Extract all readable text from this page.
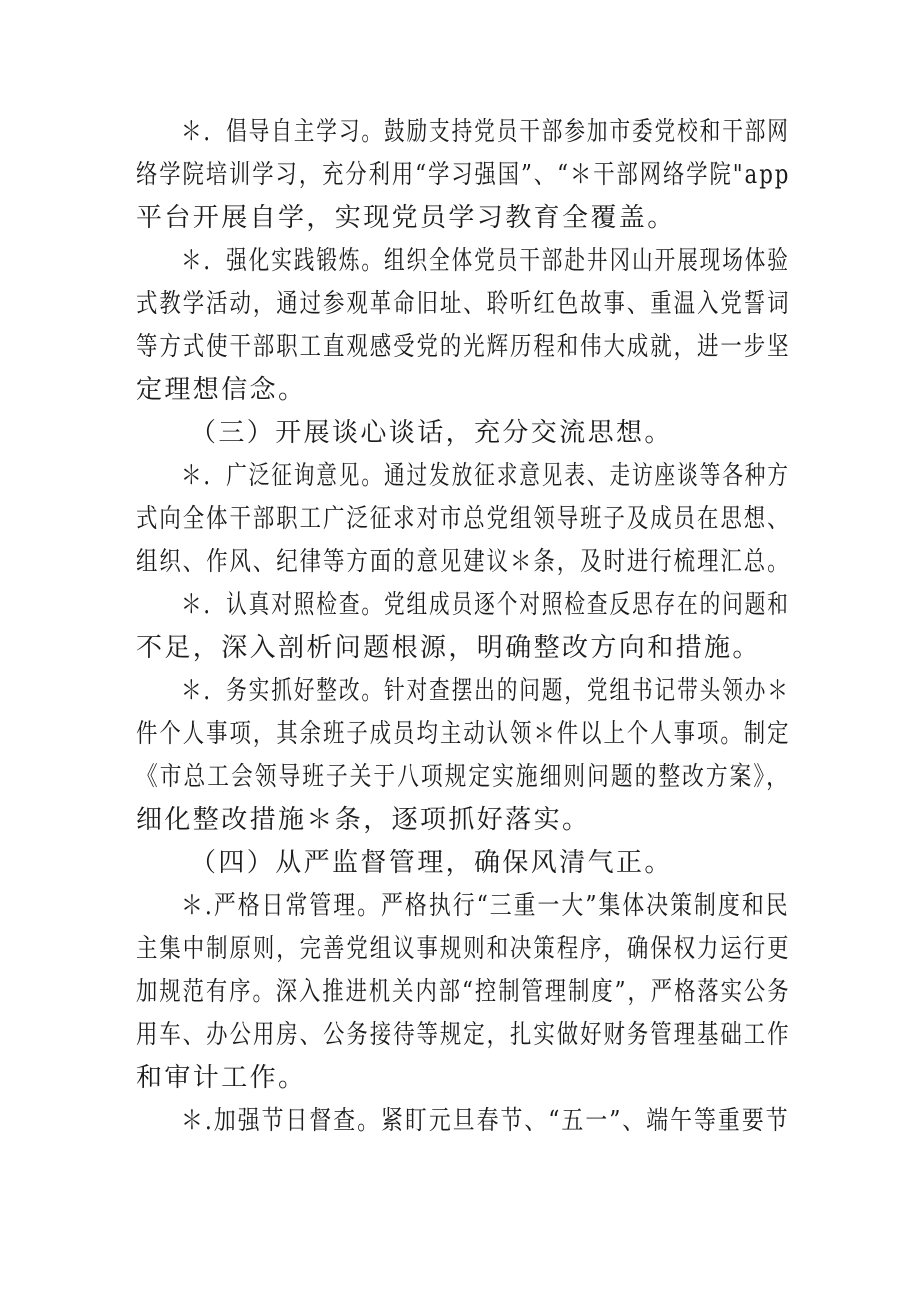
＊．倡导自主学习。鼓励支持党员干部参加市委党校和干部网
络学院培训学习，充分利用“学习强国”、“＊干部网络学院"app
平台开展自学，实现党员学习教育全覆盖。
＊．强化实践锻炼。组织全体党员干部赴井冈山开展现场体验
式教学活动，通过参观革命旧址、聆听红色故事、重温入党誓词
等方式使干部职工直观感受党的光辉历程和伟大成就，进一步坚
定理想信念。
（三）开展谈心谈话，充分交流思想。
＊．广泛征询意见。通过发放征求意见表、走访座谈等各种方
式向全体干部职工广泛征求对市总党组领导班子及成员在思想、
组织、作风、纪律等方面的意见建议＊条，及时进行梳理汇总。
＊．认真对照检查。党组成员逐个对照检查反思存在的问题和
不足，深入剖析问题根源，明确整改方向和措施。
＊．务实抓好整改。针对查摆出的问题，党组书记带头领办＊
件个人事项，其余班子成员均主动认领＊件以上个人事项。制定
《市总工会领导班子关于八项规定实施细则问题的整改方案》，
细化整改措施＊条，逐项抓好落实。
（四）从严监督管理，确保风清气正。
＊.严格日常管理。严格执行“三重一大”集体决策制度和民
主集中制原则，完善党组议事规则和决策程序，确保权力运行更
加规范有序。深入推进机关内部“控制管理制度”，严格落实公务
用车、办公用房、公务接待等规定，扎实做好财务管理基础工作
和审计工作。
＊.加强节日督查。紧盯元旦春节、“五一”、端午等重要节
